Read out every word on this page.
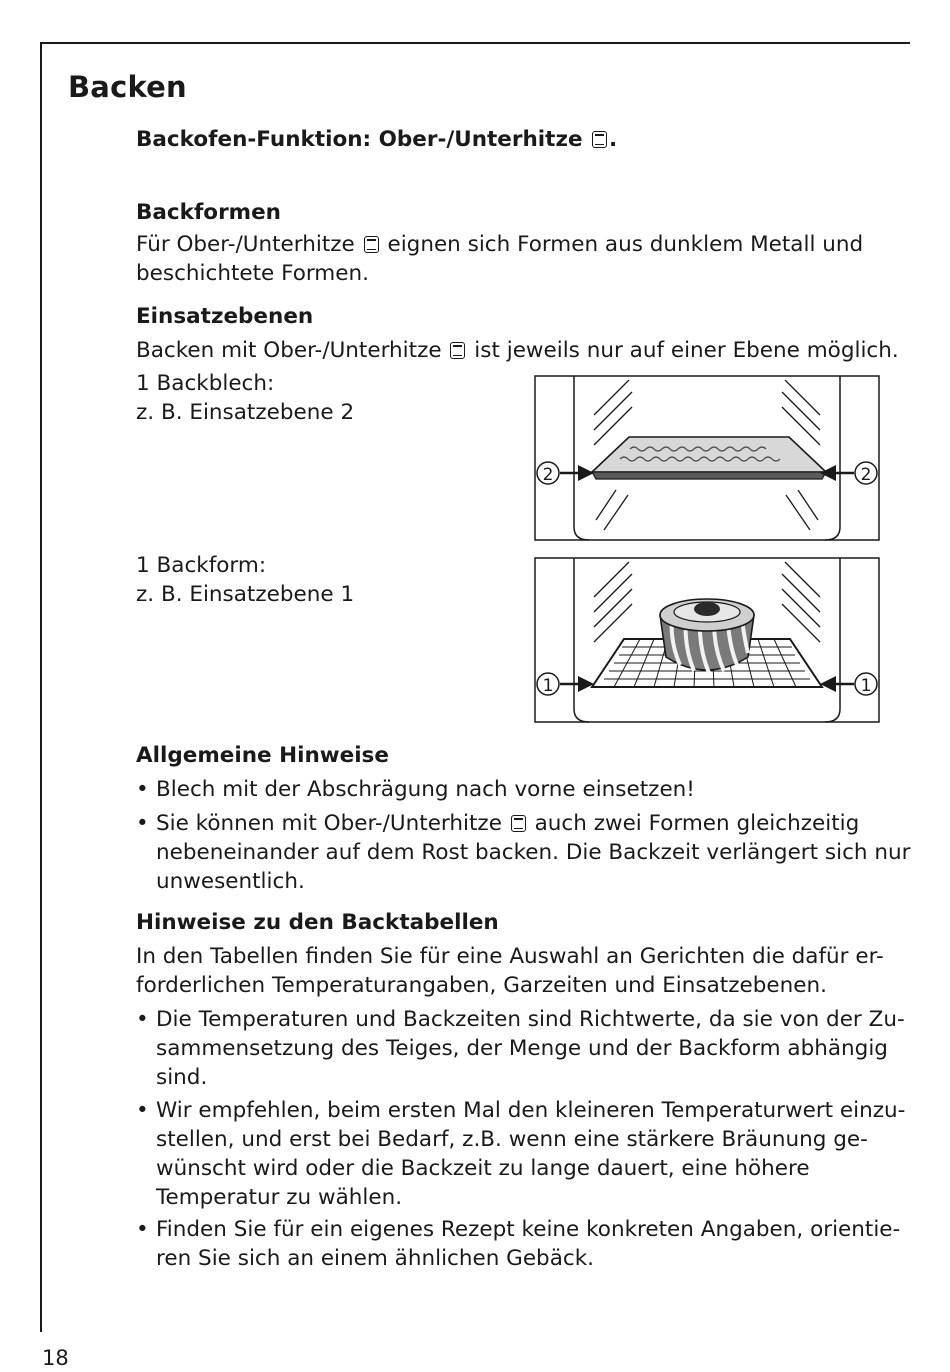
Backen

Backofen-Funktion: Ober-/Unterhitze .

Backformen

Für Ober-/Unterhitze eignen sich Formen aus dunklem Metall und

beschichtete Formen.

Einsatzebenen

Backen mit Ober-/Unterhitze ist jeweils nur auf einer Ebene möglich.

1 Backblech:

z. B. Einsatzebene 2

1 Backform:

z. B. Einsatzebene 1

2	2
1	1

Allgemeine Hinweise

• Blech mit der Abschrägung nach vorne einsetzen!
• Sie können mit Ober-/Unterhitze auch zwei Formen gleichzeitig
nebeneinander auf dem Rost backen. Die Backzeit verlängert sich nur
unwesentlich.

Hinweise zu den Backtabellen

In den Tabellen finden Sie für eine Auswahl an Gerichten die dafür er-

forderlichen Temperaturangaben, Garzeiten und Einsatzebenen.

• Die Temperaturen und Backzeiten sind Richtwerte, da sie von der Zu-
sammensetzung des Teiges, der Menge und der Backform abhängig
sind.
• Wir empfehlen, beim ersten Mal den kleineren Temperaturwert einzu-
stellen, und erst bei Bedarf, z.B. wenn eine stärkere Bräunung ge-
wünscht wird oder die Backzeit zu lange dauert, eine höhere
Temperatur zu wählen.
• Finden Sie für ein eigenes Rezept keine konkreten Angaben, orientie-
ren Sie sich an einem ähnlichen Gebäck.
18
